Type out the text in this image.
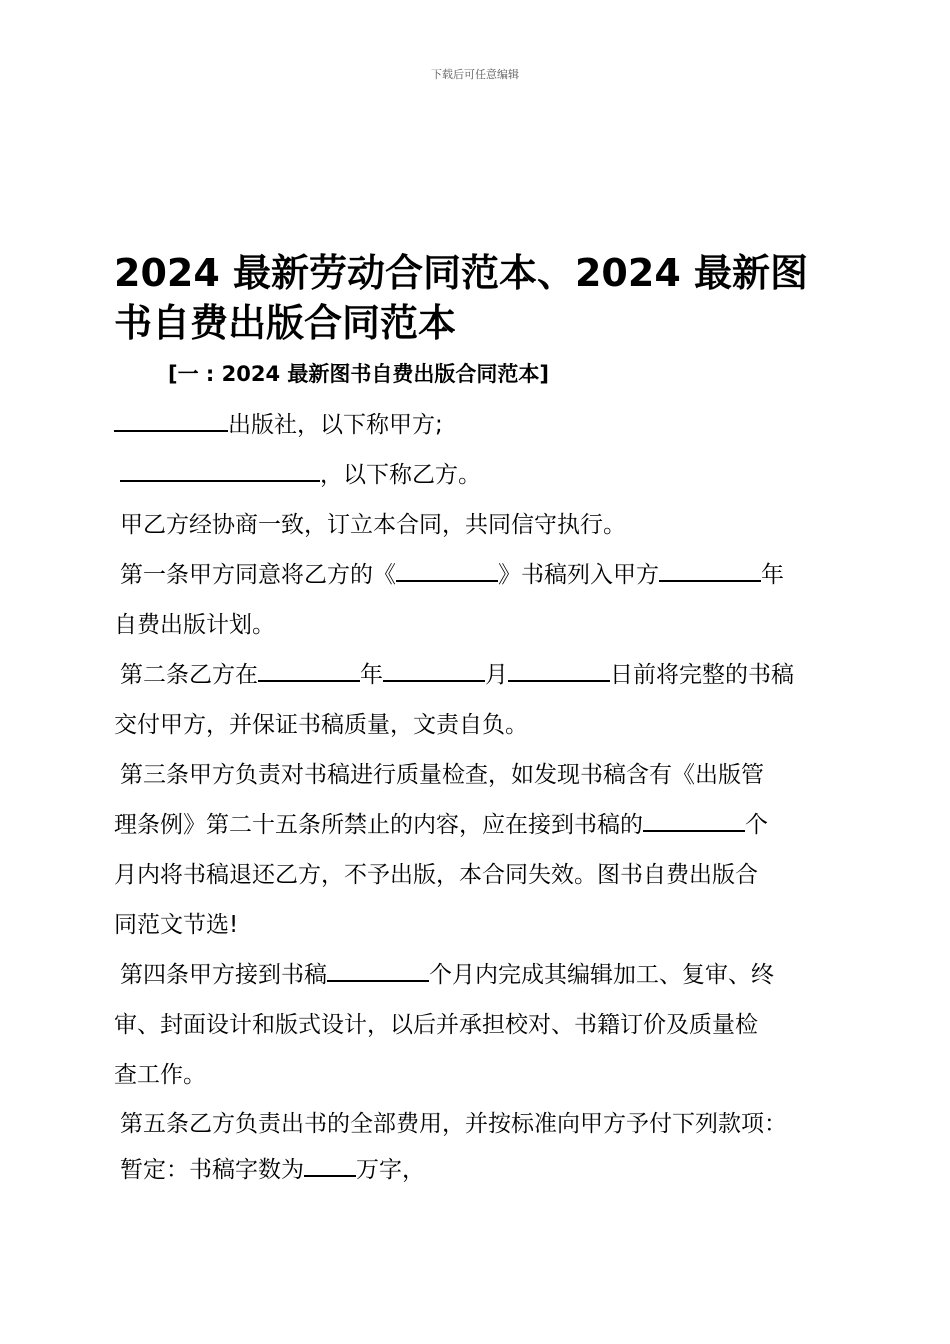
下载后可任意编辑
2024 最新劳动合同范本、2024 最新图书自费出版合同范本
[一 : 2024 最新图书自费出版合同范本]
出版社，以下称甲方;
，以下称乙方。
甲乙方经协商一致，订立本合同，共同信守执行。
第一条甲方同意将乙方的《	》书稿列入甲方	年
自费出版计划。
第二条乙方在	年	月	日前将完整的书稿
交付甲方，并保证书稿质量，文责自负。
第三条甲方负责对书稿进行质量检查，如发现书稿含有《出版管
理条例》第二十五条所禁止的内容，应在接到书稿的	个
月内将书稿退还乙方，不予出版，本合同失效。图书自费出版合
同范文节选!
第四条甲方接到书稿	个月内完成其编辑加工、复审、终
审、封面设计和版式设计，以后并承担校对、书籍订价及质量检
查工作。
第五条乙方负责出书的全部费用，并按标准向甲方予付下列款项：
暂定：书稿字数为 万字，
